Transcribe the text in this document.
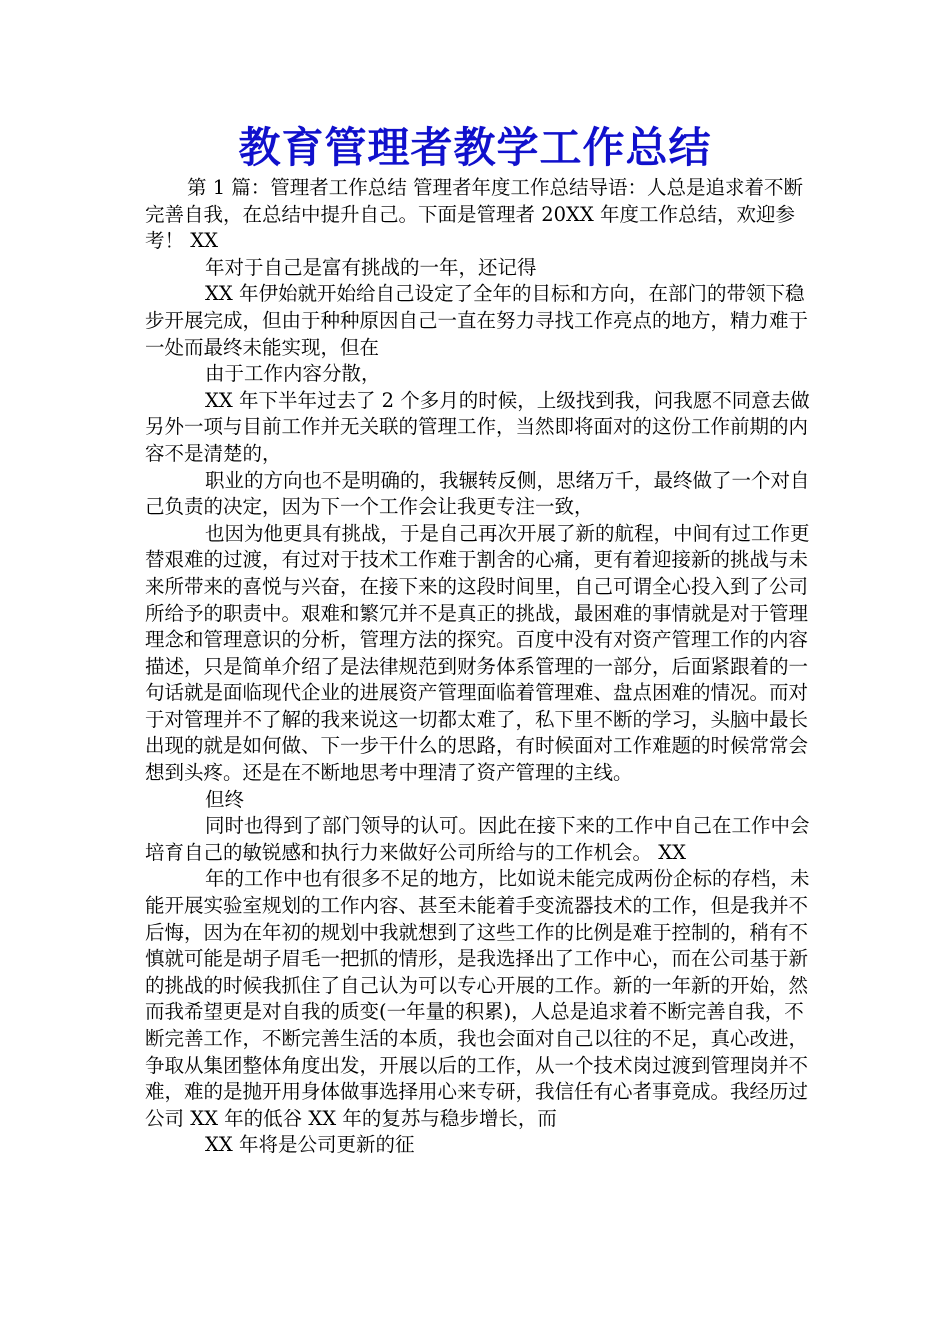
教育管理者教学工作总结

第 1 篇：管理者工作总结 管理者年度工作总结导语：人总是追求着不断完善自我，在总结中提升自己。下面是管理者 20XX 年度工作总结，欢迎参考！ XX

年对于自己是富有挑战的一年，还记得

XX 年伊始就开始给自己设定了全年的目标和方向，在部门的带领下稳步开展完成，但由于种种原因自己一直在努力寻找工作亮点的地方，精力难于一处而最终未能实现，但在

由于工作内容分散，

XX 年下半年过去了 2 个多月的时候，上级找到我，问我愿不同意去做另外一项与目前工作并无关联的管理工作，当然即将面对的这份工作前期的内容不是清楚的，

职业的方向也不是明确的，我辗转反侧，思绪万千，最终做了一个对自己负责的决定，因为下一个工作会让我更专注一致，

也因为他更具有挑战，于是自己再次开展了新的航程，中间有过工作更替艰难的过渡，有过对于技术工作难于割舍的心痛，更有着迎接新的挑战与未来所带来的喜悦与兴奋，在接下来的这段时间里，自己可谓全心投入到了公司所给予的职责中。艰难和繁冗并不是真正的挑战，最困难的事情就是对于管理理念和管理意识的分析，管理方法的探究。百度中没有对资产管理工作的内容描述，只是简单介绍了是法律规范到财务体系管理的一部分，后面紧跟着的一句话就是面临现代企业的进展资产管理面临着管理难、盘点困难的情况。而对于对管理并不了解的我来说这一切都太难了，私下里不断的学习，头脑中最长出现的就是如何做、下一步干什么的思路，有时候面对工作难题的时候常常会想到头疼。还是在不断地思考中理清了资产管理的主线。

但终

同时也得到了部门领导的认可。因此在接下来的工作中自己在工作中会培育自己的敏锐感和执行力来做好公司所给与的工作机会。 XX

年的工作中也有很多不足的地方，比如说未能完成两份企标的存档，未能开展实验室规划的工作内容、甚至未能着手变流器技术的工作，但是我并不后悔，因为在年初的规划中我就想到了这些工作的比例是难于控制的，稍有不慎就可能是胡子眉毛一把抓的情形，是我选择出了工作中心，而在公司基于新的挑战的时候我抓住了自己认为可以专心开展的工作。新的一年新的开始，然而我希望更是对自我的质变(一年量的积累)，人总是追求着不断完善自我，不断完善工作，不断完善生活的本质，我也会面对自己以往的不足，真心改进，争取从集团整体角度出发，开展以后的工作，从一个技术岗过渡到管理岗并不难，难的是抛开用身体做事选择用心来专研，我信任有心者事竟成。我经历过公司 XX 年的低谷 XX 年的复苏与稳步增长，而

XX 年将是公司更新的征
